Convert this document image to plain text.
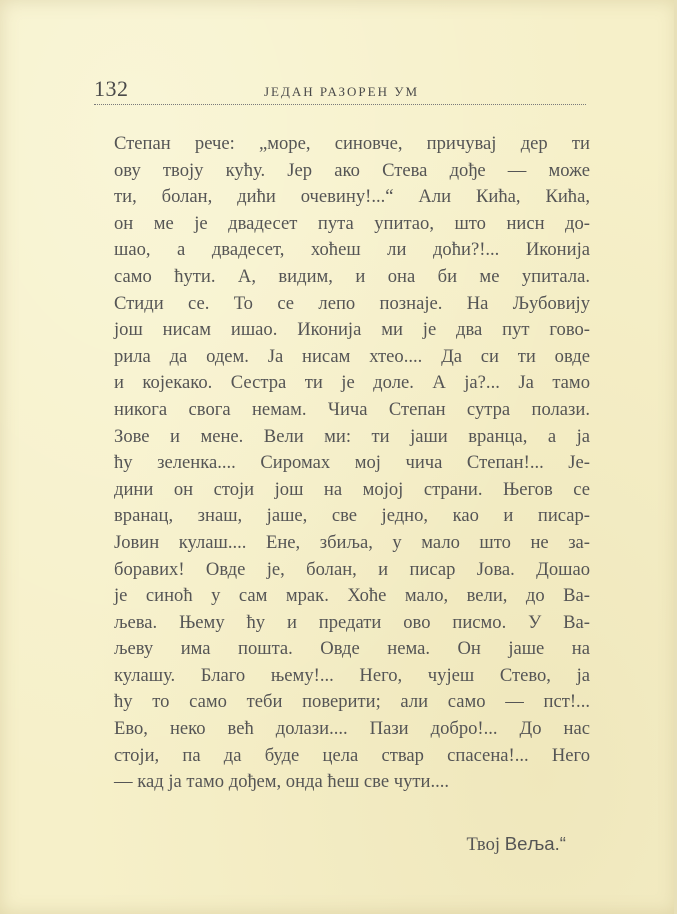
132	ЈЕДАН РАЗОРЕН УМ
Степан рече: „море, синовче, причувај дер ти
ову твоју кућу. Јер ако Стева дође — може
ти, болан, дићи очевину!...“ Али Кића, Кића,
он ме је двадесет пута упитао, што нисн до-
шао, а двадесет, хоћеш ли доћи?!... Иконија
само ћути. А, видим, и она би ме упитала.
Стиди се. То се лепо познаје. На Љубовију
још нисам ишао. Иконија ми је два пут гово-
рила да одем. Ја нисам хтео.... Да си ти овде
и којекако. Сестра ти је доле. А ја?... Ја тамо
никога свога немам. Чича Степан сутра полази.
Зове и мене. Вели ми: ти јаши вранца, а ја
ћу зеленка.... Сиромах мој чича Степан!... Је-
дини он стоји још на мојој страни. Његов се
вранац, знаш, јаше, све једно, као и писар-
Јовин кулаш.... Ене, збиља, у мало што не за-
боравих! Овде је, болан, и писар Јова. Дошао
је синоћ у сам мрак. Хоће мало, вели, до Ва-
љева. Њему ћу и предати ово писмо. У Ва-
љеву има пошта. Овде нема. Он јаше на
кулашу. Благо њему!... Него, чујеш Стево, ја
ћу то само теби поверити; али само — пст!...
Ево, неко већ долази.... Пази добро!... До нас
стоји, па да буде цела ствар спасена!... Него
— кад ја тамо дођем, онда ћеш све чути....
Твој Веља.“
